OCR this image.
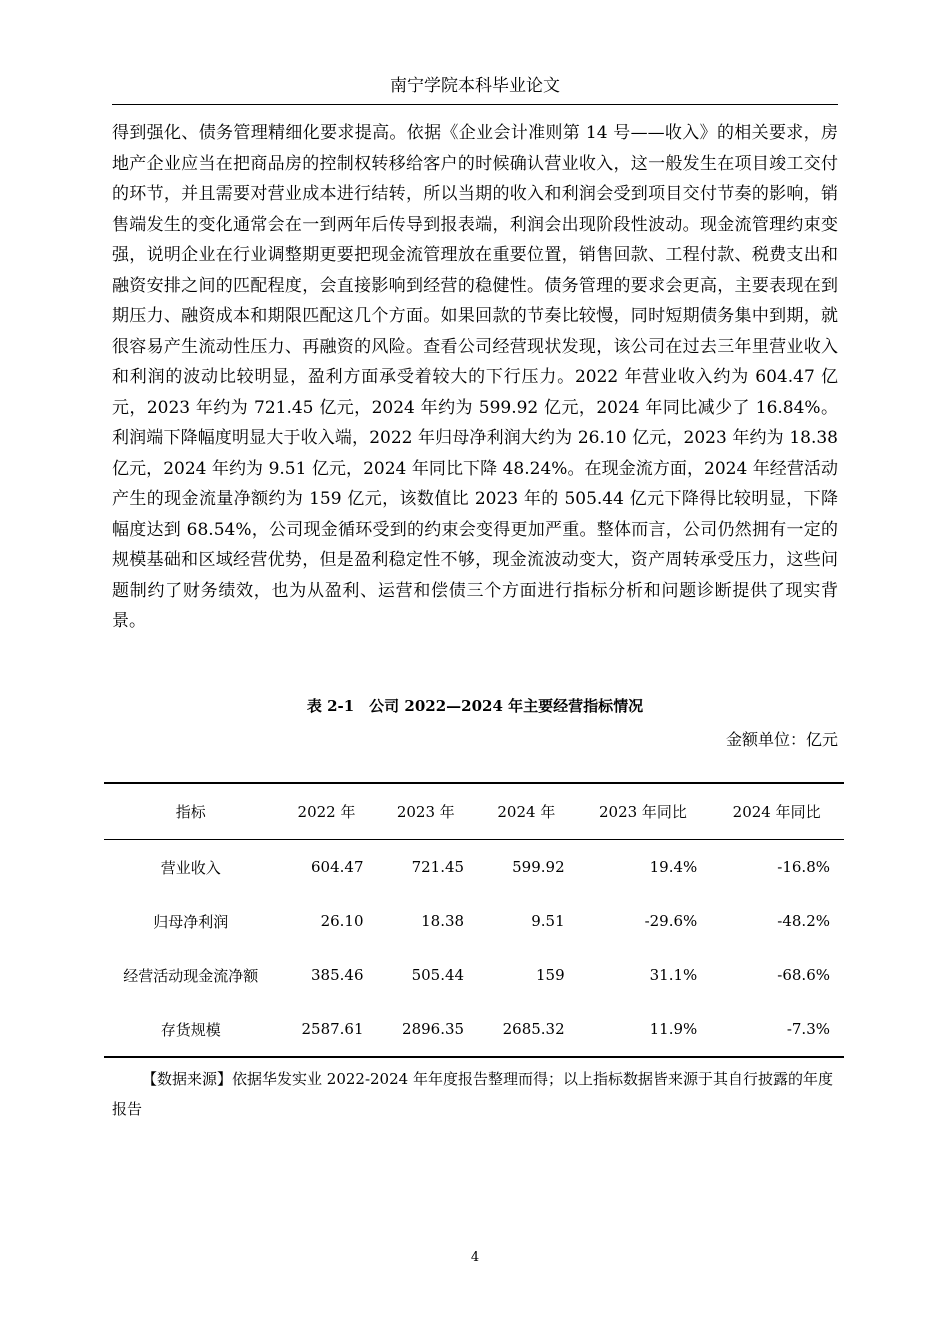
南宁学院本科毕业论文

得到强化、债务管理精细化要求提高。依据《企业会计准则第 14 号——收入》的相关要求，房地产企业应当在把商品房的控制权转移给客户的时候确认营业收入，这一般发生在项目竣工交付的环节，并且需要对营业成本进行结转，所以当期的收入和利润会受到项目交付节奏的影响，销售端发生的变化通常会在一到两年后传导到报表端，利润会出现阶段性波动。现金流管理约束变强，说明企业在行业调整期更要把现金流管理放在重要位置，销售回款、工程付款、税费支出和融资安排之间的匹配程度，会直接影响到经营的稳健性。债务管理的要求会更高，主要表现在到期压力、融资成本和期限匹配这几个方面。如果回款的节奏比较慢，同时短期债务集中到期，就很容易产生流动性压力、再融资的风险。查看公司经营现状发现，该公司在过去三年里营业收入和利润的波动比较明显，盈利方面承受着较大的下行压力。2022 年营业收入约为 604.47 亿元，2023 年约为 721.45 亿元，2024 年约为 599.92 亿元，2024 年同比减少了 16.84%。利润端下降幅度明显大于收入端，2022 年归母净利润大约为 26.10 亿元，2023 年约为 18.38 亿元，2024 年约为 9.51 亿元，2024 年同比下降 48.24%。在现金流方面，2024 年经营活动产生的现金流量净额约为 159 亿元，该数值比 2023 年的 505.44 亿元下降得比较明显，下降幅度达到 68.54%，公司现金循环受到的约束会变得更加严重。整体而言，公司仍然拥有一定的规模基础和区域经营优势，但是盈利稳定性不够，现金流波动变大，资产周转承受压力，这些问题制约了财务绩效，也为从盈利、运营和偿债三个方面进行指标分析和问题诊断提供了现实背景。

表 2-1　公司 2022—2024 年主要经营指标情况
金额单位：亿元
指标	2022 年	2023 年	2024 年	2023 年同比	2024 年同比
营业收入	604.47	721.45	599.92	19.4%	-16.8%
归母净利润	26.10	18.38	9.51	-29.6%	-48.2%
经营活动现金流净额	385.46	505.44	159	31.1%	-68.6%
存货规模	2587.61	2896.35	2685.32	11.9%	-7.3%
【数据来源】依据华发实业 2022-2024 年年度报告整理而得；以上指标数据皆来源于其自行披露的年度报告
4
